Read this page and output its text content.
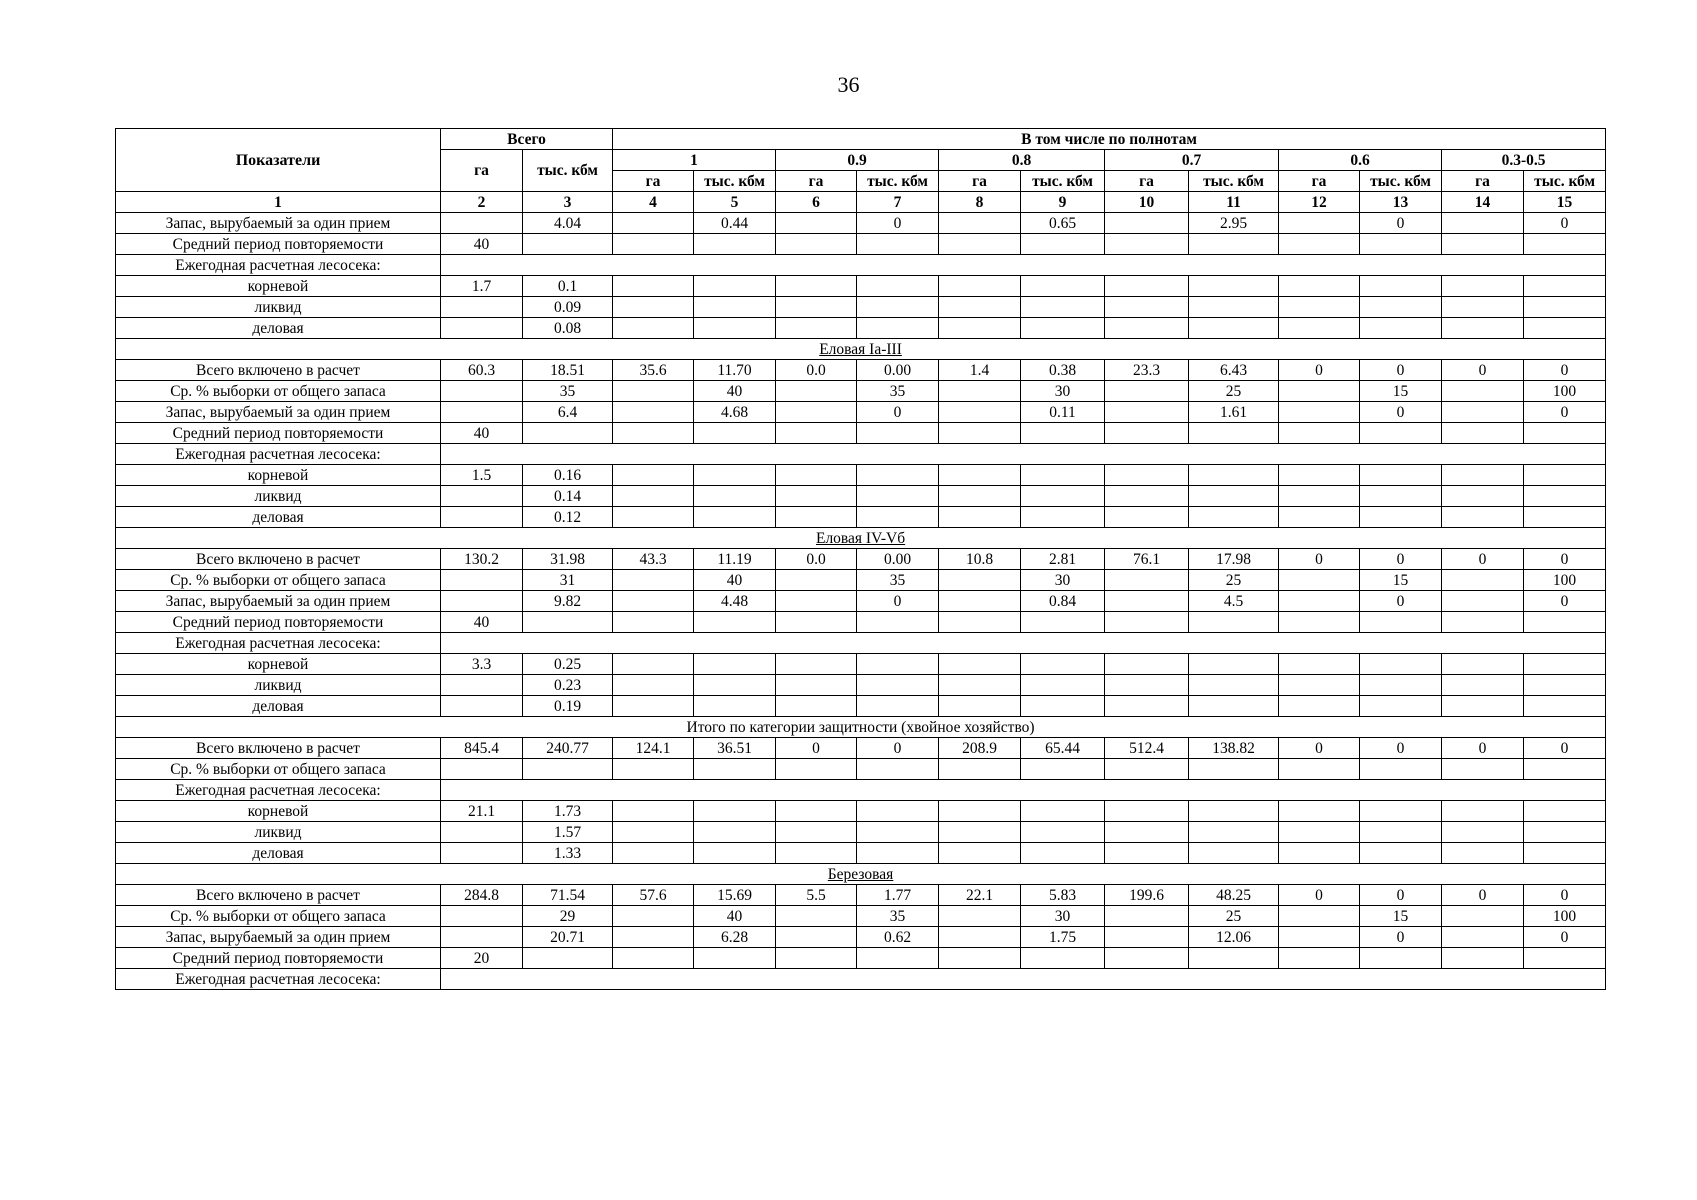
36
Показатели	Всего		В том числе по полнотам											
	га	тыс. кбм	1		0.9		0.8		0.7		0.6		0.3-0.5	
			га	тыс. кбм	га	тыс. кбм	га	тыс. кбм	га	тыс. кбм	га	тыс. кбм	га	тыс. кбм
1	2	3	4	5	6	7	8	9	10	11	12	13	14	15
Запас, вырубаемый за один прием		4.04		0.44		0		0.65		2.95		0		0
Средний период повторяемости	40													
Ежегодная расчетная лесосека:														
корневой	1.7	0.1												
ликвид		0.09												
деловая		0.08												
Еловая Ia-III														
Всего включено в расчет	60.3	18.51	35.6	11.70	0.0	0.00	1.4	0.38	23.3	6.43	0	0	0	0
Ср. % выборки от общего запаса		35		40		35		30		25		15		100
Запас, вырубаемый за один прием		6.4		4.68		0		0.11		1.61		0		0
Средний период повторяемости	40													
Ежегодная расчетная лесосека:														
корневой	1.5	0.16												
ликвид		0.14												
деловая		0.12												
Еловая IV-Vб														
Всего включено в расчет	130.2	31.98	43.3	11.19	0.0	0.00	10.8	2.81	76.1	17.98	0	0	0	0
Ср. % выборки от общего запаса		31		40		35		30		25		15		100
Запас, вырубаемый за один прием		9.82		4.48		0		0.84		4.5		0		0
Средний период повторяемости	40													
Ежегодная расчетная лесосека:														
корневой	3.3	0.25												
ликвид		0.23												
деловая		0.19												
Итого по категории защитности (хвойное хозяйство)														
Всего включено в расчет	845.4	240.77	124.1	36.51	0	0	208.9	65.44	512.4	138.82	0	0	0	0
Ср. % выборки от общего запаса														
Ежегодная расчетная лесосека:														
корневой	21.1	1.73												
ликвид		1.57												
деловая		1.33												
Березовая														
Всего включено в расчет	284.8	71.54	57.6	15.69	5.5	1.77	22.1	5.83	199.6	48.25	0	0	0	0
Ср. % выборки от общего запаса		29		40		35		30		25		15		100
Запас, вырубаемый за один прием		20.71		6.28		0.62		1.75		12.06		0		0
Средний период повторяемости	20													
Ежегодная расчетная лесосека:														
